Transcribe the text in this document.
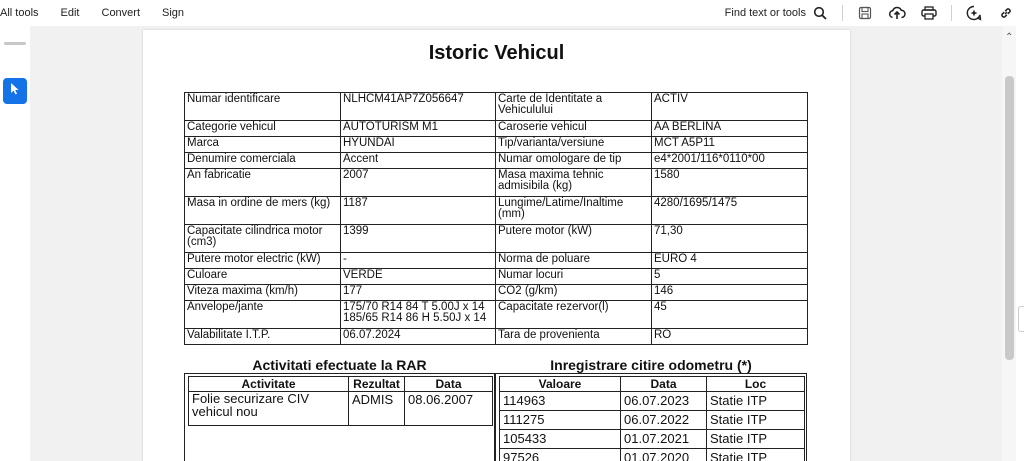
All tools Edit Convert Sign	Find text or tools
Istoric Vehicul
Numar identificare	NLHCM41AP7Z056647	Carte de Identitate a Vehiculului	ACTIV
Categorie vehicul	AUTOTURISM M1	Caroserie vehicul	AA BERLINA
Marca	HYUNDAI	Tip/varianta/versiune	MCT A5P11
Denumire comerciala	Accent	Numar omologare de tip	e4*2001/116*0110*00
An fabricatie	2007	Masa maxima tehnic admisibila (kg)	1580
Masa in ordine de mers (kg)	1187	Lungime/Latime/Inaltime (mm)	4280/1695/1475
Capacitate cilindrica motor (cm3)	1399	Putere motor (kW)	71,30
Putere motor electric (kW)	-	Norma de poluare	EURO 4
Culoare	VERDE	Numar locuri	5
Viteza maxima (km/h)	177	CO2 (g/km)	146
Anvelope/jante	175/70 R14 84 T 5.00J x 14 185/65 R14 86 H 5.50J x 14	Capacitate rezervor(l)	45
Valabilitate I.T.P.	06.07.2024	Tara de provenienta	RO
Activitati efectuate la RAR
Activitate	Rezultat	Data
Folie securizare CIV vehicul nou	ADMIS	08.06.2007
Inregistrare citire odometru (*)
Valoare	Data	Loc
114963	06.07.2023	Statie ITP
111275	06.07.2022	Statie ITP
105433	01.07.2021	Statie ITP
97526	01.07.2020	Statie ITP
⌃
